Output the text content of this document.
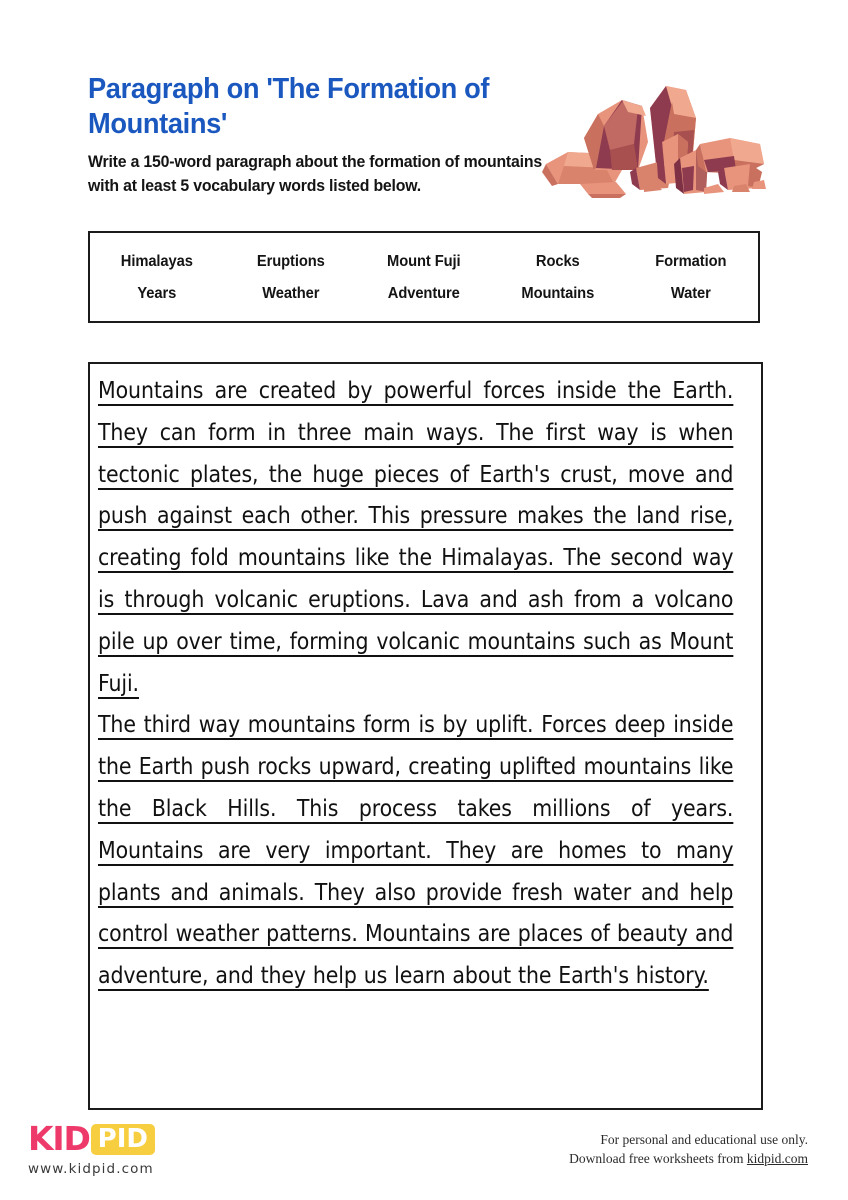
Paragraph on 'The Formation of Mountains'

Write a 150-word paragraph about the formation of mountains with at least 5 vocabulary words listed below.

Himalayas	Eruptions	Mount Fuji	Rocks	Formation
Years	Weather	Adventure	Mountains	Water

Mountains are created by powerful forces inside the Earth. They can form in three main ways. The first way is when tectonic plates, the huge pieces of Earth's crust, move and push against each other. This pressure makes the land rise, creating fold mountains like the Himalayas. The second way is through volcanic eruptions. Lava and ash from a volcano pile up over time, forming volcanic mountains such as Mount Fuji.

The third way mountains form is by uplift. Forces deep inside the Earth push rocks upward, creating uplifted mountains like the Black Hills. This process takes millions of years. Mountains are very important. They are homes to many plants and animals. They also provide fresh water and help control weather patterns. Mountains are places of beauty and adventure, and they help us learn about the Earth's history.

KID PID
www.kidpid.com
For personal and educational use only.
Download free worksheets from kidpid.com
